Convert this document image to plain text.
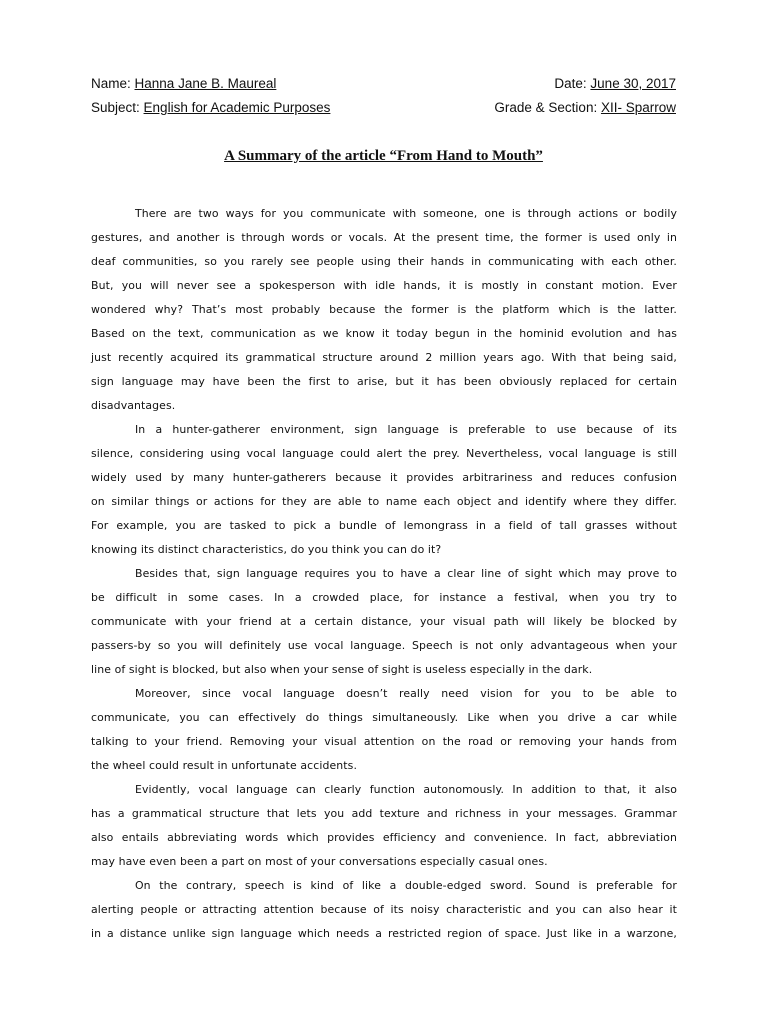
Name: Hanna Jane B. Maureal	Date: June 30, 2017
Subject: English for Academic Purposes	Grade & Section: XII- Sparrow
A Summary of the article “From Hand to Mouth”
There are two ways for you communicate with someone, one is through actions or bodily
gestures, and another is through words or vocals. At the present time, the former is used only in
deaf communities, so you rarely see people using their hands in communicating with each other.
But, you will never see a spokesperson with idle hands, it is mostly in constant motion. Ever
wondered why? That’s most probably because the former is the platform which is the latter.
Based on the text, communication as we know it today begun in the hominid evolution and has
just recently acquired its grammatical structure around 2 million years ago. With that being said,
sign language may have been the first to arise, but it has been obviously replaced for certain
disadvantages.
In a hunter-gatherer environment, sign language is preferable to use because of its
silence, considering using vocal language could alert the prey. Nevertheless, vocal language is still
widely used by many hunter-gatherers because it provides arbitrariness and reduces confusion
on similar things or actions for they are able to name each object and identify where they differ.
For example, you are tasked to pick a bundle of lemongrass in a field of tall grasses without
knowing its distinct characteristics, do you think you can do it?
Besides that, sign language requires you to have a clear line of sight which may prove to
be difficult in some cases. In a crowded place, for instance a festival, when you try to
communicate with your friend at a certain distance, your visual path will likely be blocked by
passers-by so you will definitely use vocal language. Speech is not only advantageous when your
line of sight is blocked, but also when your sense of sight is useless especially in the dark.
Moreover, since vocal language doesn’t really need vision for you to be able to
communicate, you can effectively do things simultaneously. Like when you drive a car while
talking to your friend. Removing your visual attention on the road or removing your hands from
the wheel could result in unfortunate accidents.
Evidently, vocal language can clearly function autonomously. In addition to that, it also
has a grammatical structure that lets you add texture and richness in your messages. Grammar
also entails abbreviating words which provides efficiency and convenience. In fact, abbreviation
may have even been a part on most of your conversations especially casual ones.
On the contrary, speech is kind of like a double-edged sword. Sound is preferable for
alerting people or attracting attention because of its noisy characteristic and you can also hear it
in a distance unlike sign language which needs a restricted region of space. Just like in a warzone,
